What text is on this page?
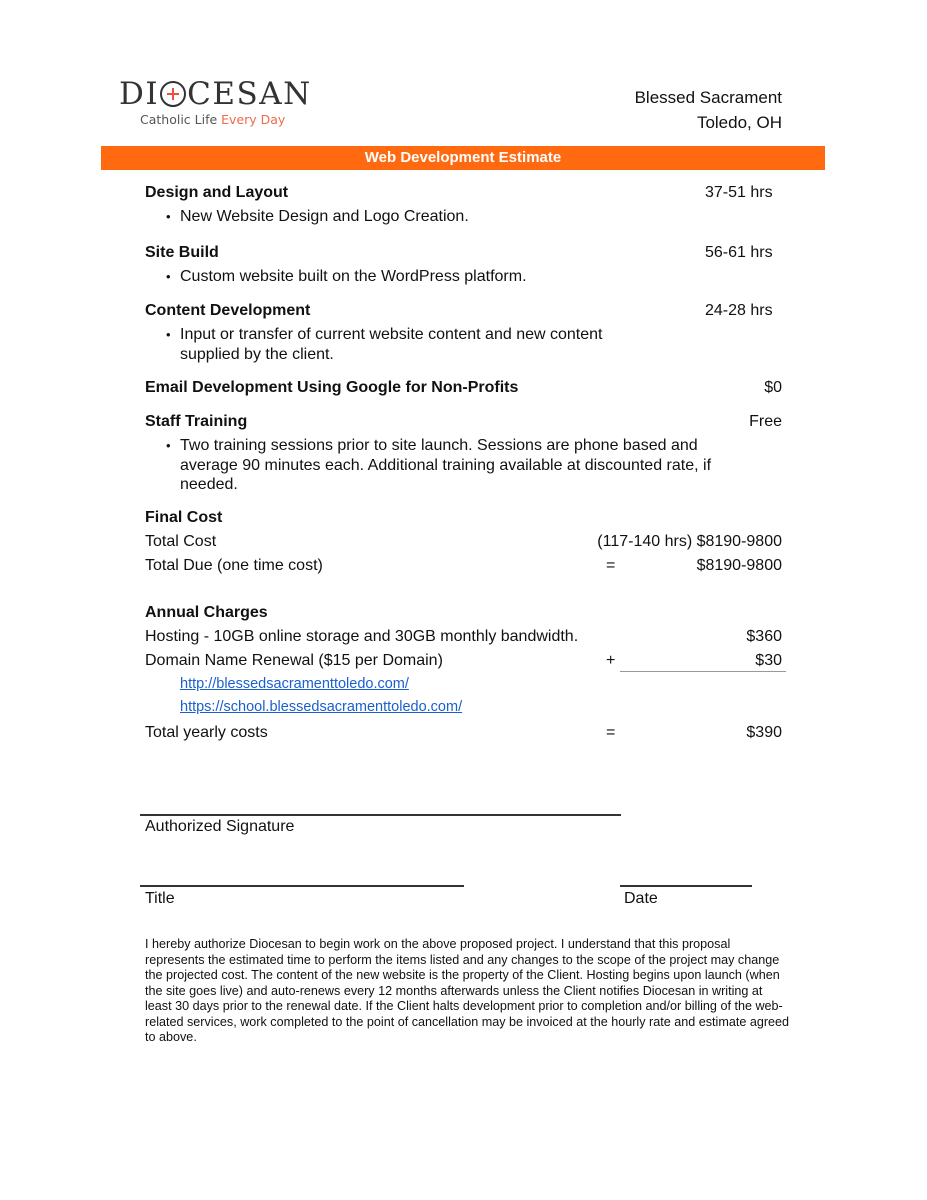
DI CESAN
Catholic Life Every Day
Blessed Sacrament
Toledo, OH
Web Development Estimate
Design and Layout	37-51 hrs
• New Website Design and Logo Creation.
Site Build	56-61 hrs
• Custom website built on the WordPress platform.
Content Development	24-28 hrs
• Input or transfer of current website content and new content supplied by the client.
Email Development Using Google for Non-Profits	$0
Staff Training	Free
• Two training sessions prior to site launch. Sessions are phone based and average 90 minutes each. Additional training available at discounted rate, if needed.
Final Cost
Total Cost	(117-140 hrs) $8190-9800
Total Due (one time cost)	=	$8190-9800
Annual Charges
Hosting - 10GB online storage and 30GB monthly bandwidth.	$360
Domain Name Renewal ($15 per Domain)	+	$30
http://blessedsacramenttoledo.com/
https://school.blessedsacramenttoledo.com/
Total yearly costs	=	$390
Authorized Signature
Title	Date
I hereby authorize Diocesan to begin work on the above proposed project. I understand that this proposal represents the estimated time to perform the items listed and any changes to the scope of the project may change the projected cost. The content of the new website is the property of the Client. Hosting begins upon launch (when the site goes live) and auto-renews every 12 months afterwards unless the Client notifies Diocesan in writing at least 30 days prior to the renewal date. If the Client halts development prior to completion and/or billing of the web-related services, work completed to the point of cancellation may be invoiced at the hourly rate and estimate agreed to above.
